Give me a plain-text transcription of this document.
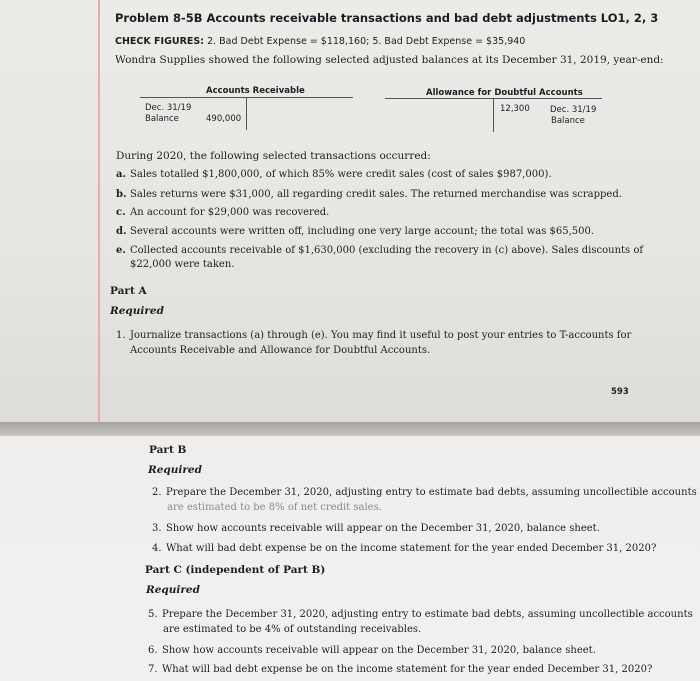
Problem 8-5B Accounts receivable transactions and bad debt adjustments LO1, 2, 3
CHECK FIGURES: 2. Bad Debt Expense = $118,160; 5. Bad Debt Expense = $35,940
Wondra Supplies showed the following selected adjusted balances at its December 31, 2019, year-end:
Accounts Receivable
Dec. 31/19
Balance	490,000
Allowance for Doubtful Accounts
12,300 Dec. 31/19
Balance
During 2020, the following selected transactions occurred:
a. Sales totalled $1,800,000, of which 85% were credit sales (cost of sales $987,000).
b. Sales returns were $31,000, all regarding credit sales. The returned merchandise was scrapped.
c. An account for $29,000 was recovered.
d. Several accounts were written off, including one very large account; the total was $65,500.
e. Collected accounts receivable of $1,630,000 (excluding the recovery in (c) above). Sales discounts of
$22,000 were taken.
Part A
Required
1. Journalize transactions (a) through (e). You may find it useful to post your entries to T-accounts for
Accounts Receivable and Allowance for Doubtful Accounts.
593
Part B
Required
2. Prepare the December 31, 2020, adjusting entry to estimate bad debts, assuming uncollectible accounts
are estimated to be 8% of net credit sales.
3. Show how accounts receivable will appear on the December 31, 2020, balance sheet.
4. What will bad debt expense be on the income statement for the year ended December 31, 2020?
Part C (independent of Part B)
Required
5. Prepare the December 31, 2020, adjusting entry to estimate bad debts, assuming uncollectible accounts
are estimated to be 4% of outstanding receivables.
6. Show how accounts receivable will appear on the December 31, 2020, balance sheet.
7. What will bad debt expense be on the income statement for the year ended December 31, 2020?
